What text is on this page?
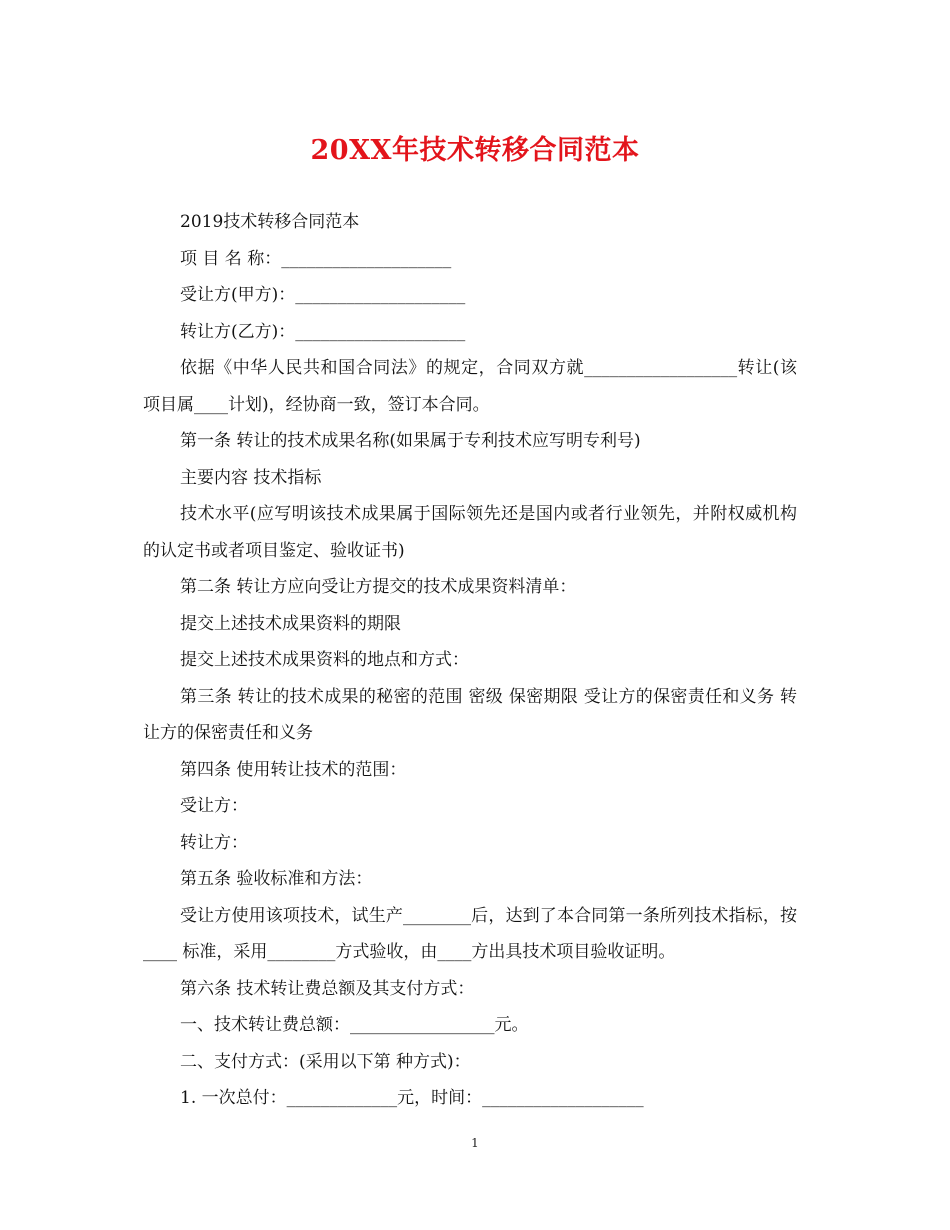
20XX年技术转移合同范本

2019技术转移合同范本

项 目 名 称：____________________

受让方(甲方)：____________________

转让方(乙方)：____________________

依据《中华人民共和国合同法》的规定，合同双方就__________________转让(该项目属____计划)，经协商一致，签订本合同。

第一条 转让的技术成果名称(如果属于专利技术应写明专利号)

主要内容 技术指标

技术水平(应写明该技术成果属于国际领先还是国内或者行业领先，并附权威机构的认定书或者项目鉴定、验收证书)

第二条 转让方应向受让方提交的技术成果资料清单：

提交上述技术成果资料的期限

提交上述技术成果资料的地点和方式：

第三条 转让的技术成果的秘密的范围 密级 保密期限 受让方的保密责任和义务 转让方的保密责任和义务

第四条 使用转让技术的范围：

受让方：

转让方：

第五条 验收标准和方法：

受让方使用该项技术，试生产________后，达到了本合同第一条所列技术指标，按____ 标准，采用________方式验收，由____方出具技术项目验收证明。

第六条 技术转让费总额及其支付方式：

一、技术转让费总额：_________________元。

二、支付方式：(采用以下第 种方式)：

1. 一次总付：_____________元，时间：___________________

1
